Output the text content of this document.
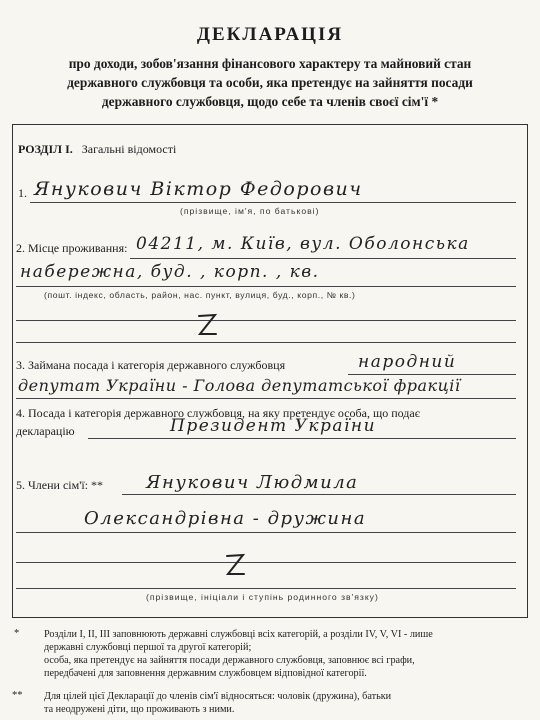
ДЕКЛАРАЦІЯ
про доходи, зобов'язання фінансового характеру та майновий стан
державного службовця та особи, яка претендує на зайняття посади
державного службовця, щодо себе та членів своєї сім'ї *
РОЗДІЛ I. Загальні відомості
1. Янукович Віктор Федорович
(прізвище, ім'я, по батькові)
2. Місце проживання: 04211, м. Київ, вул. Оболонська
набережна, буд. , корп. , кв.
(пошт. індекс, область, район, нас. пункт, вулиця, буд., корп., № кв.)
3. Займана посада і категорія державного службовця	народний
депутат України - Голова депутатської фракції
4. Посада і категорія державного службовця, на яку претендує особа, що подає
декларацію	Президент України
5. Члени сім'ї: ** Янукович Людмила
Олександрівна - дружина
(прізвище, ініціали і ступінь родинного зв'язку)
* Розділи I, II, III заповнюють державні службовці всіх категорій, а розділи IV, V, VI - лише
державні службовці першої та другої категорій;
особа, яка претендує на зайняття посади державного службовця, заповнює всі графи,
передбачені для заповнення державним службовцем відповідної категорії.
** Для цілей цієї Декларації до членів сім'ї відносяться: чоловік (дружина), батьки
та неодружені діти, що проживають з ними.
